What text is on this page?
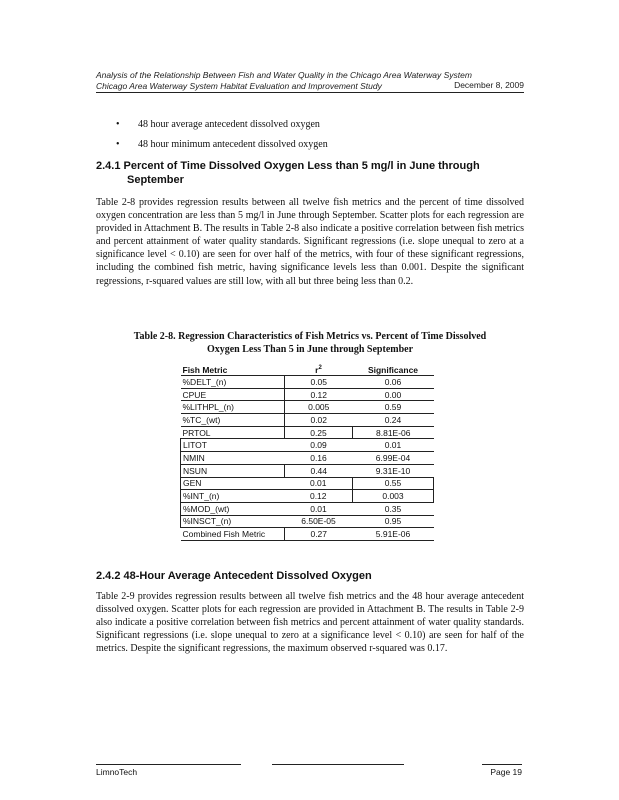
Analysis of the Relationship Between Fish and Water Quality in the Chicago Area Waterway System
Chicago Area Waterway System Habitat Evaluation and Improvement Study	December 8, 2009
• 48 hour average antecedent dissolved oxygen
• 48 hour minimum antecedent dissolved oxygen
2.4.1 Percent of Time Dissolved Oxygen Less than 5 mg/l in June through
September
Table 2-8 provides regression results between all twelve fish metrics and the percent of time dissolved oxygen concentration are less than 5 mg/l in June through September. Scatter plots for each regression are provided in Attachment B. The results in Table 2-8 also indicate a positive correlation between fish metrics and percent attainment of water quality standards. Significant regressions (i.e. slope unequal to zero at a significance level < 0.10) are seen for over half of the metrics, with four of these significant regressions, including the combined fish metric, having significance levels less than 0.001. Despite the significant regressions, r-squared values are still low, with all but three being less than 0.2.
Table 2-8. Regression Characteristics of Fish Metrics vs. Percent of Time Dissolved
Oxygen Less Than 5 in June through September
Fish Metric	$r^2$	Significance
%DELT_(n)	0.05	0.06
CPUE	0.12	0.00
%LITHPL_(n)	0.005	0.59
%TC_(wt)	0.02	0.24
PRTOL	0.25	8.81E-06
LITOT	0.09	0.01
NMIN	0.16	6.99E-04
NSUN	0.44	9.31E-10
GEN	0.01	0.55
%INT_(n)	0.12	0.003
%MOD_(wt)	0.01	0.35
%INSCT_(n)	6.50E-05	0.95
Combined Fish Metric	0.27	5.91E-06
2.4.2 48-Hour Average Antecedent Dissolved Oxygen
Table 2-9 provides regression results between all twelve fish metrics and the 48 hour average antecedent dissolved oxygen. Scatter plots for each regression are provided in Attachment B. The results in Table 2-9 also indicate a positive correlation between fish metrics and percent attainment of water quality standards. Significant regressions (i.e. slope unequal to zero at a significance level < 0.10) are seen for half of the metrics. Despite the significant regressions, the maximum observed r-squared was 0.17.
LimnoTech	Page 19
